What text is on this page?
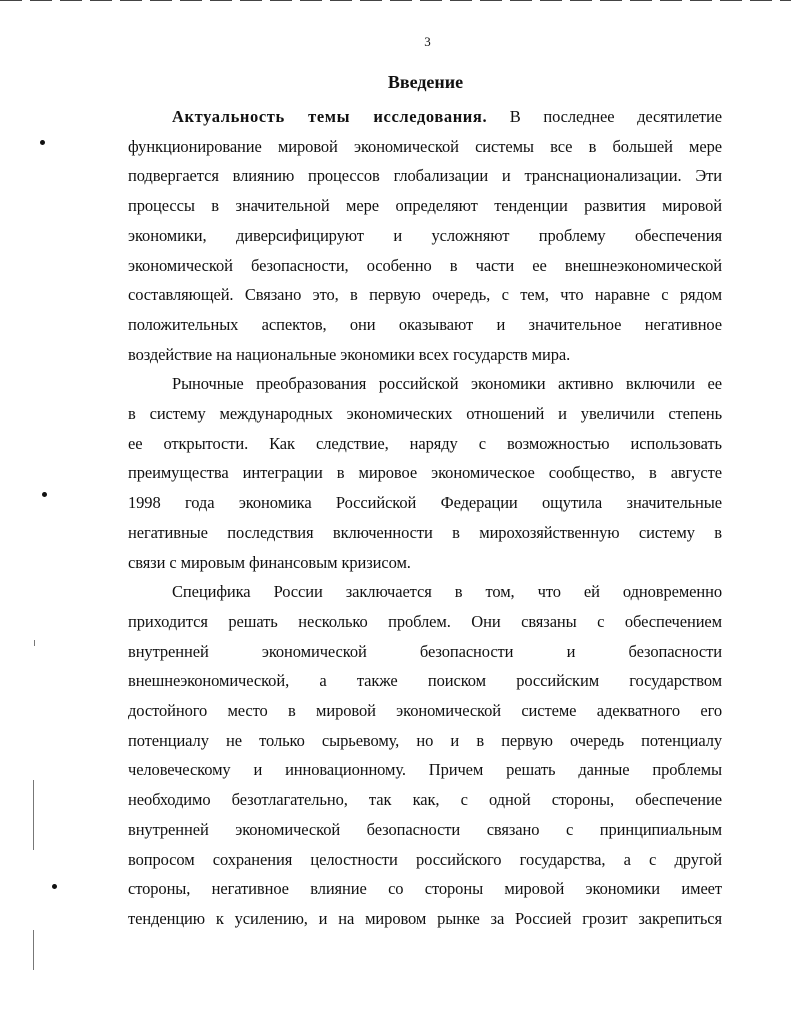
3
Введение
Актуальность темы исследования. В последнее десятилетие
функционирование мировой экономической системы все в большей мере
подвергается влиянию процессов глобализации и транснационализации. Эти
процессы в значительной мере определяют тенденции развития мировой
экономики, диверсифицируют и усложняют проблему обеспечения
экономической безопасности, особенно в части ее внешнеэкономической
составляющей. Связано это, в первую очередь, с тем, что наравне с рядом
положительных аспектов, они оказывают и значительное негативное
воздействие на национальные экономики всех государств мира.
Рыночные преобразования российской экономики активно включили ее
в систему международных экономических отношений и увеличили степень
ее открытости. Как следствие, наряду с возможностью использовать
преимущества интеграции в мировое экономическое сообщество, в августе
1998 года экономика Российской Федерации ощутила значительные
негативные последствия включенности в мирохозяйственную систему в
связи с мировым финансовым кризисом.
Специфика России заключается в том, что ей одновременно
приходится решать несколько проблем. Они связаны с обеспечением
внутренней экономической безопасности и безопасности
внешнеэкономической, а также поиском российским государством
достойного место в мировой экономической системе адекватного его
потенциалу не только сырьевому, но и в первую очередь потенциалу
человеческому и инновационному. Причем решать данные проблемы
необходимо безотлагательно, так как, с одной стороны, обеспечение
внутренней экономической безопасности связано с принципиальным
вопросом сохранения целостности российского государства, а с другой
стороны, негативное влияние со стороны мировой экономики имеет
тенденцию к усилению, и на мировом рынке за Россией грозит закрепиться
